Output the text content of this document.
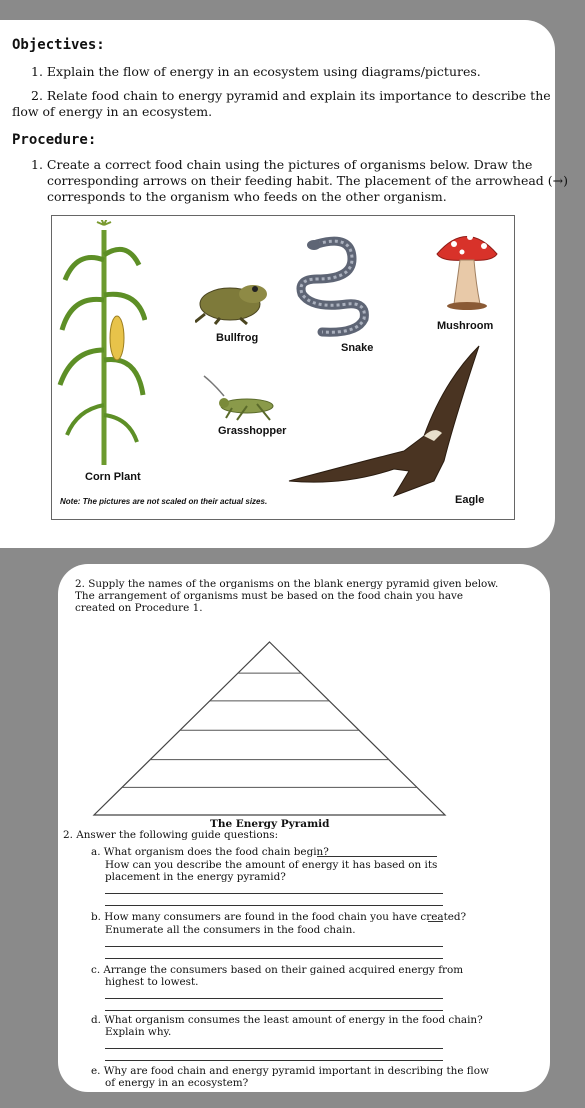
Objectives:
1. Explain the flow of energy in an ecosystem using diagrams/pictures.
2. Relate food chain to energy pyramid and explain its importance to describe the
flow of energy in an ecosystem.
Procedure:
1. Create a correct food chain using the pictures of organisms below. Draw the
corresponding arrows on their feeding habit. The placement of the arrowhead (→)
corresponds to the organism who feeds on the other organism.
Corn Plant
Bullfrog
Snake
Mushroom
Grasshopper
Eagle
Note: The pictures are not scaled on their actual sizes.
2. Supply the names of the organisms on the blank energy pyramid given below.
The arrangement of organisms must be based on the food chain you have
created on Procedure 1.
The Energy Pyramid
2. Answer the following guide questions:
a. What organism does the food chain begin?
How can you describe the amount of energy it has based on its
placement in the energy pyramid?
b. How many consumers are found in the food chain you have created?
Enumerate all the consumers in the food chain.
c. Arrange the consumers based on their gained acquired energy from
highest to lowest.
d. What organism consumes the least amount of energy in the food chain?
Explain why.
e. Why are food chain and energy pyramid important in describing the flow
of energy in an ecosystem?
